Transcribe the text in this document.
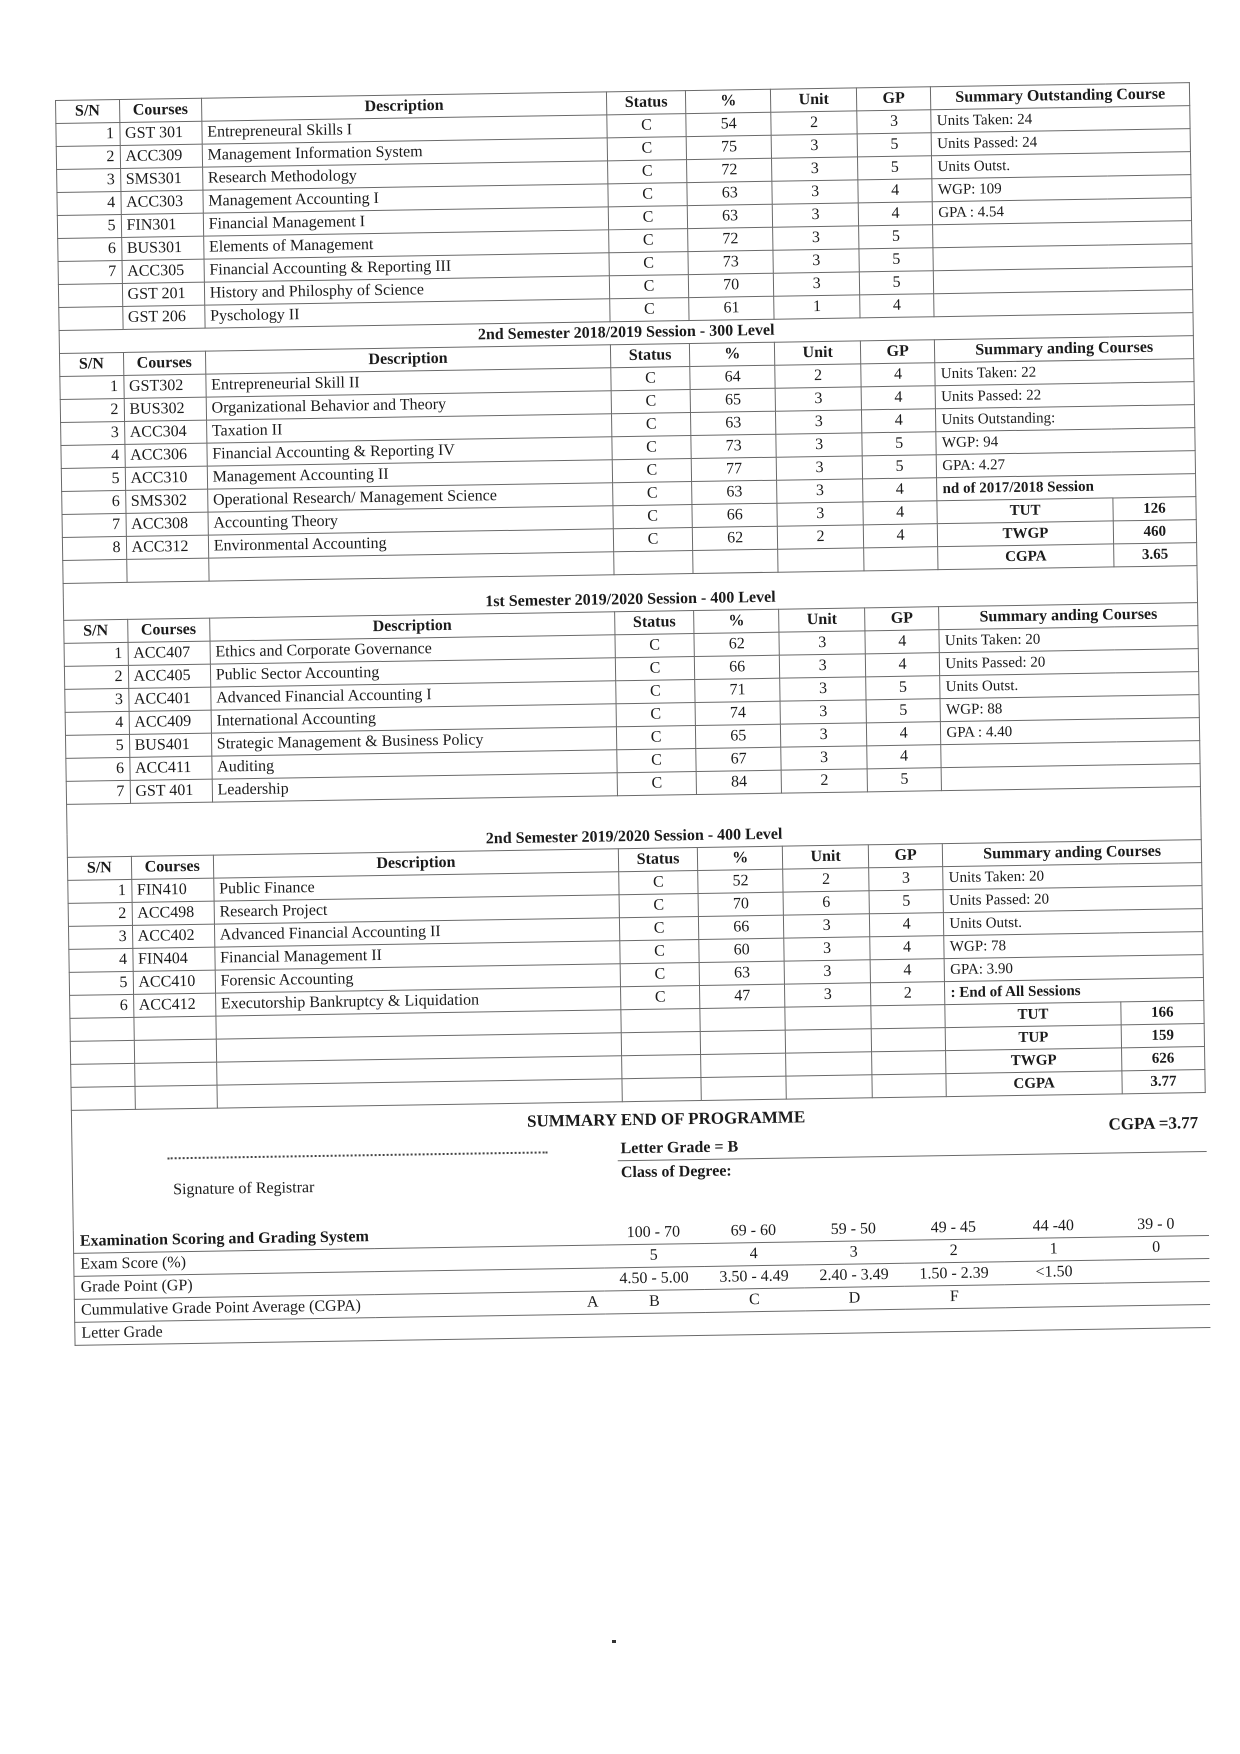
S/N	Courses	Description	Status	%	Unit	GP	Summary Outstanding Course
1	GST 301	Entrepreneural Skills I	C	54	2	3	Units Taken: 24
2	ACC309	Management Information System	C	75	3	5	Units Passed: 24
3	SMS301	Research Methodology	C	72	3	5	Units Outst.
4	ACC303	Management Accounting I	C	63	3	4	WGP: 109
5	FIN301	Financial Management I	C	63	3	4	GPA : 4.54
6	BUS301	Elements of Management	C	72	3	5	
7	ACC305	Financial Accounting & Reporting III	C	73	3	5	
	GST 201	History and Philosphy of Science	C	70	3	5	
	GST 206	Pyschology II	C	61	1	4	
2nd Semester 2018/2019 Session - 300 Level
S/N	Courses	Description	Status	%	Unit	GP	Summary anding Courses	
1	GST302	Entrepreneurial Skill II	C	64	2	4	Units Taken: 22	
2	BUS302	Organizational Behavior and Theory	C	65	3	4	Units Passed: 22	
3	ACC304	Taxation II	C	63	3	4	Units Outstanding:	
4	ACC306	Financial Accounting & Reporting IV	C	73	3	5	WGP: 94	
5	ACC310	Management Accounting II	C	77	3	5	GPA: 4.27	
6	SMS302	Operational Research/ Management Science	C	63	3	4	nd of 2017/2018 Session	
7	ACC308	Accounting Theory	C	66	3	4	TUT	126
8	ACC312	Environmental Accounting	C	62	2	4	TWGP	460
							CGPA	3.65
1st Semester 2019/2020 Session - 400 Level
S/N	Courses	Description	Status	%	Unit	GP	Summary anding Courses
1	ACC407	Ethics and Corporate Governance	C	62	3	4	Units Taken: 20
2	ACC405	Public Sector Accounting	C	66	3	4	Units Passed: 20
3	ACC401	Advanced Financial Accounting I	C	71	3	5	Units Outst.
4	ACC409	International Accounting	C	74	3	5	WGP: 88
5	BUS401	Strategic Management & Business Policy	C	65	3	4	GPA : 4.40
6	ACC411	Auditing	C	67	3	4	
7	GST 401	Leadership	C	84	2	5	
2nd Semester 2019/2020 Session - 400 Level
S/N	Courses	Description	Status	%	Unit	GP	Summary anding Courses	
1	FIN410	Public Finance	C	52	2	3	Units Taken: 20	
2	ACC498	Research Project	C	70	6	5	Units Passed: 20	
3	ACC402	Advanced Financial Accounting II	C	66	3	4	Units Outst.	
4	FIN404	Financial Management II	C	60	3	4	WGP: 78	
5	ACC410	Forensic Accounting	C	63	3	4	GPA: 3.90	
6	ACC412	Executorship Bankruptcy & Liquidation	C	47	3	2	: End of All Sessions	
							TUT	166
							TUP	159
							TWGP	626
							CGPA	3.77
SUMMARY END OF PROGRAMME	CGPA =3.77
Signature of Registrar
Letter Grade = B
Class of Degree:
Examination Scoring and Grading System		100 - 70	69 - 60	59 - 50	49 - 45	44 -40	39 - 0
Exam Score (%)		5	4	3	2	1	0
Grade Point (GP)		4.50 - 5.00	3.50 - 4.49	2.40 - 3.49	1.50 - 2.39	<1.50	
Cummulative Grade Point Average (CGPA)	A	B	C	D	F		
Letter Grade							
